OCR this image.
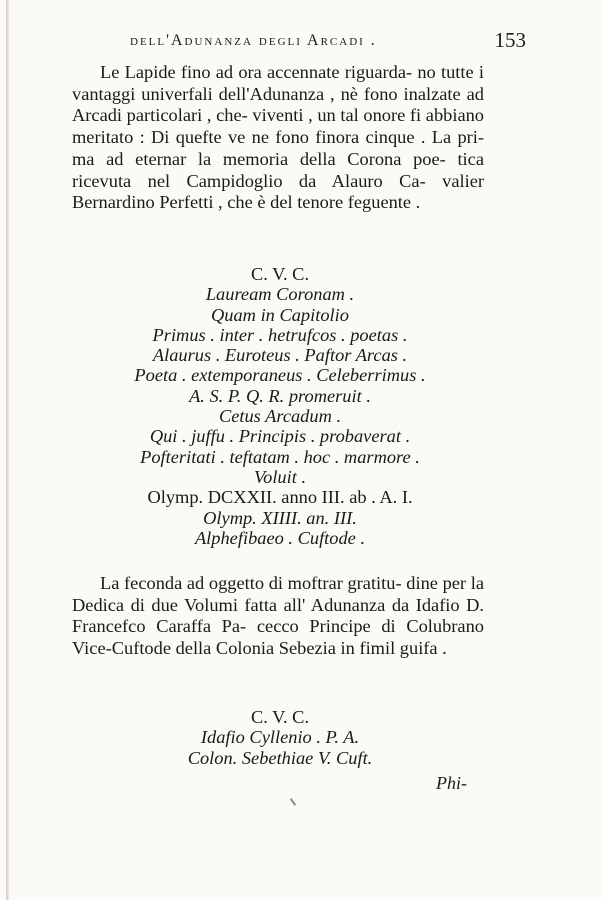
dell'Adunanza degli Arcadi .	153

Le Lapide fino ad ora accennate riguarda- no tutte i vantaggi univerfali dell'Adunanza , nè fono inalzate ad Arcadi particolari , che- viventi , un tal onore fi abbiano meritato : Di quefte ve ne fono finora cinque . La pri- ma ad eternar la memoria della Corona poe- tica ricevuta nel Campidoglio da Alauro Ca- valier Bernardino Perfetti , che è del tenore feguente .

C. V. C.
Lauream Coronam .
Quam in Capitolio
Primus . inter . hetrufcos . poetas .
Alaurus . Euroteus . Paftor Arcas .
Poeta . extemporaneus . Celeberrimus .
A. S. P. Q. R. promeruit .
Cetus Arcadum .
Qui . juffu . Principis . probaverat .
Pofteritati . teftatam . hoc . marmore .
Voluit .
Olymp. DCXXII. anno III. ab . A. I.
Olymp. XIIII. an. III.
Alphefibaeo . Cuftode .

La feconda ad oggetto di moftrar gratitu- dine per la Dedica di due Volumi fatta all' Adunanza da Idafio D. Francefco Caraffa Pa- cecco Principe di Colubrano Vice-Cuftode della Colonia Sebezia in fimil guifa .

C. V. C.
Idafio Cyllenio . P. A.
Colon. Sebethiae V. Cuft.
Phi-
